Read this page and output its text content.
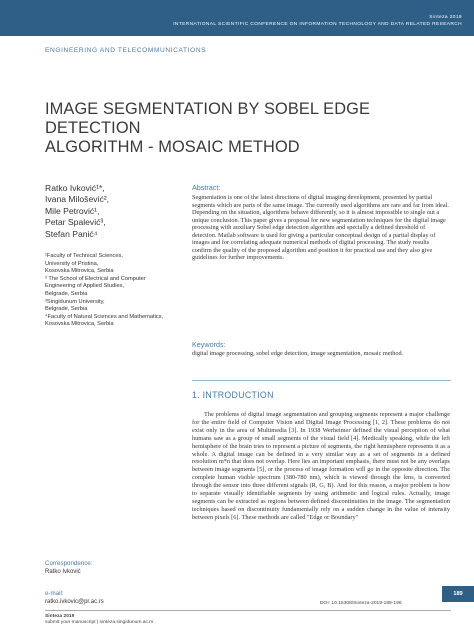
Sinteza 2019
INTERNATIONAL SCIENTIFIC CONFERENCE ON INFORMATION TECHNOLOGY AND DATA RELATED RESEARCH
ENGINEERING AND TELECOMMUNICATIONS
IMAGE SEGMENTATION BY SOBEL EDGE DETECTION
ALGORITHM - MOSAIC METHOD
Ratko Ivković¹*,
Ivana Milošević²,
Mile Petrović¹,
Petar Spalević³,
Stefan Panić⁴
¹Faculty of Technical Sciences,
University of Pristina,
Kosovska Mitrovica, Serbia
² The School of Electrical and Computer
Engineering of Applied Studies,
Belgrade, Serbia
³Singidunum University,
Belgrade, Serbia
⁴Faculty of Natural Sciences and Mathematics,
Kosovska Mitrovica, Serbia
Abstract:
Segmentation is one of the latest directions of digital imaging development, presented by partial segments which are parts of the same image. The currently used algorithms are rare and far from ideal. Depending on the situation, algorithms behave differently, so it is almost impossible to single out a unique conclusion. This paper gives a proposal for new segmentation techniques for the digital image processing with auxiliary Sobel edge detection algorithm and specially a defined threshold of detection. Matlab software is used for giving a particular conceptual design of a partial display of images and for correlating adequate numerical methods of digital processing. The study results confirm the quality of the proposed algorithm and position it for practical use and they also give guidelines for further improvements.
Keywords:
digital image processing, sobel edge detection, image segmentation, mosaic method.
1. INTRODUCTION

The problems of digital image segmentation and grouping segments represent a major challenge for the entire field of Computer Vision and Digital Image Processing [1, 2]. These problems do not exist only in the area of Multimedia [3]. In 1938 Werheimer defined the visual perception of what humans saw as a group of small segments of the visual field [4]. Medically speaking, while the left hemisphere of the brain tries to represent a picture of segments, the right hemisphere represents it as a whole. A digital image can be defined in a very similar way as a set of segments in a defined resolution m*n that does not overlap. Here lies an important emphasis, there must not be any overlaps between image segments [5], or the process of image formation will go in the opposite direction. The complete human visible spectrum (380-780 nm), which is viewed through the lens, is converted through the sensor into three different signals (R, G, B). And for this reason, a major problem is how to separate visually identifiable segments by using arithmetic and logical rules. Actually, image segments can be extracted as regions between defined discontinuities in the image. The segmentation techniques based on discontinuity fundamentally rely on a sudden change in the value of intensity between pixels [6]. These methods are called "Edge or Boundary"

Correspondence:
Ratko Ivković
e-mail:
ratko.ivkovic@pr.ac.rs
189
DOI: 10.15308/Sinteza-2019-189-196
Sinteza 2019
submit your manuscript | sinteza.singidunum.ac.rs
